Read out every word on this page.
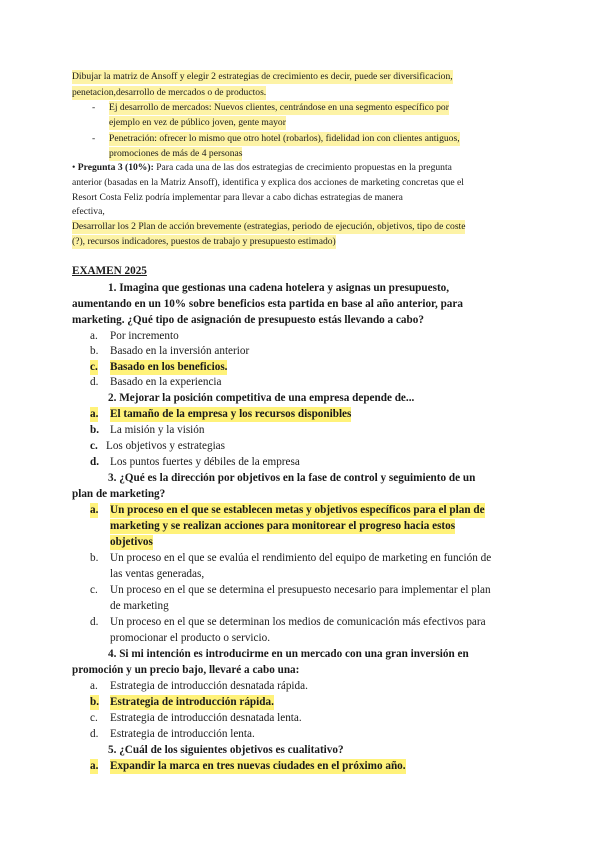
Dibujar la matriz de Ansoff y elegir 2 estrategias de crecimiento es decir, puede ser diversificacion,
penetacion,desarrollo de mercados o de productos.
- Ej desarrollo de mercados: Nuevos clientes, centrándose en una segmento específico por
ejemplo en vez de público joven, gente mayor
- Penetración: ofrecer lo mismo que otro hotel (robarlos), fidelidad ion con clientes antiguos,
promociones de más de 4 personas
• Pregunta 3 (10%): Para cada una de las dos estrategias de crecimiento propuestas en la pregunta
anterior (basadas en la Matriz Ansoff), identifica y explica dos acciones de marketing concretas que el
Resort Costa Feliz podría implementar para llevar a cabo dichas estrategias de manera
efectiva,
Desarrollar los 2 Plan de acción brevemente (estrategias, periodo de ejecución, objetivos, tipo de coste
(?), recursos indicadores, puestos de trabajo y presupuesto estimado)
EXAMEN 2025
1. Imagina que gestionas una cadena hotelera y asignas un presupuesto,
aumentando en un 10% sobre beneficios esta partida en base al año anterior, para
marketing. ¿Qué tipo de asignación de presupuesto estás llevando a cabo?
a. Por incremento
b. Basado en la inversión anterior
c. Basado en los beneficios.
d. Basado en la experiencia
2. Mejorar la posición competitiva de una empresa depende de...
a. El tamaño de la empresa y los recursos disponibles
b. La misión y la visión
c. Los objetivos y estrategias
d. Los puntos fuertes y débiles de la empresa
3. ¿Qué es la dirección por objetivos en la fase de control y seguimiento de un
plan de marketing?
a. Un proceso en el que se establecen metas y objetivos específicos para el plan de
marketing y se realizan acciones para monitorear el progreso hacia estos
objetivos
b. Un proceso en el que se evalúa el rendimiento del equipo de marketing en función de
las ventas generadas,
c. Un proceso en el que se determina el presupuesto necesario para implementar el plan
de marketing
d. Un proceso en el que se determinan los medios de comunicación más efectivos para
promocionar el producto o servicio.
4. Si mi intención es introducirme en un mercado con una gran inversión en
promoción y un precio bajo, llevaré a cabo una:
a. Estrategia de introducción desnatada rápida.
b. Estrategia de introducción rápida.
c. Estrategia de introducción desnatada lenta.
d. Estrategia de introducción lenta.
5. ¿Cuál de los siguientes objetivos es cualitativo?
a. Expandir la marca en tres nuevas ciudades en el próximo año.
